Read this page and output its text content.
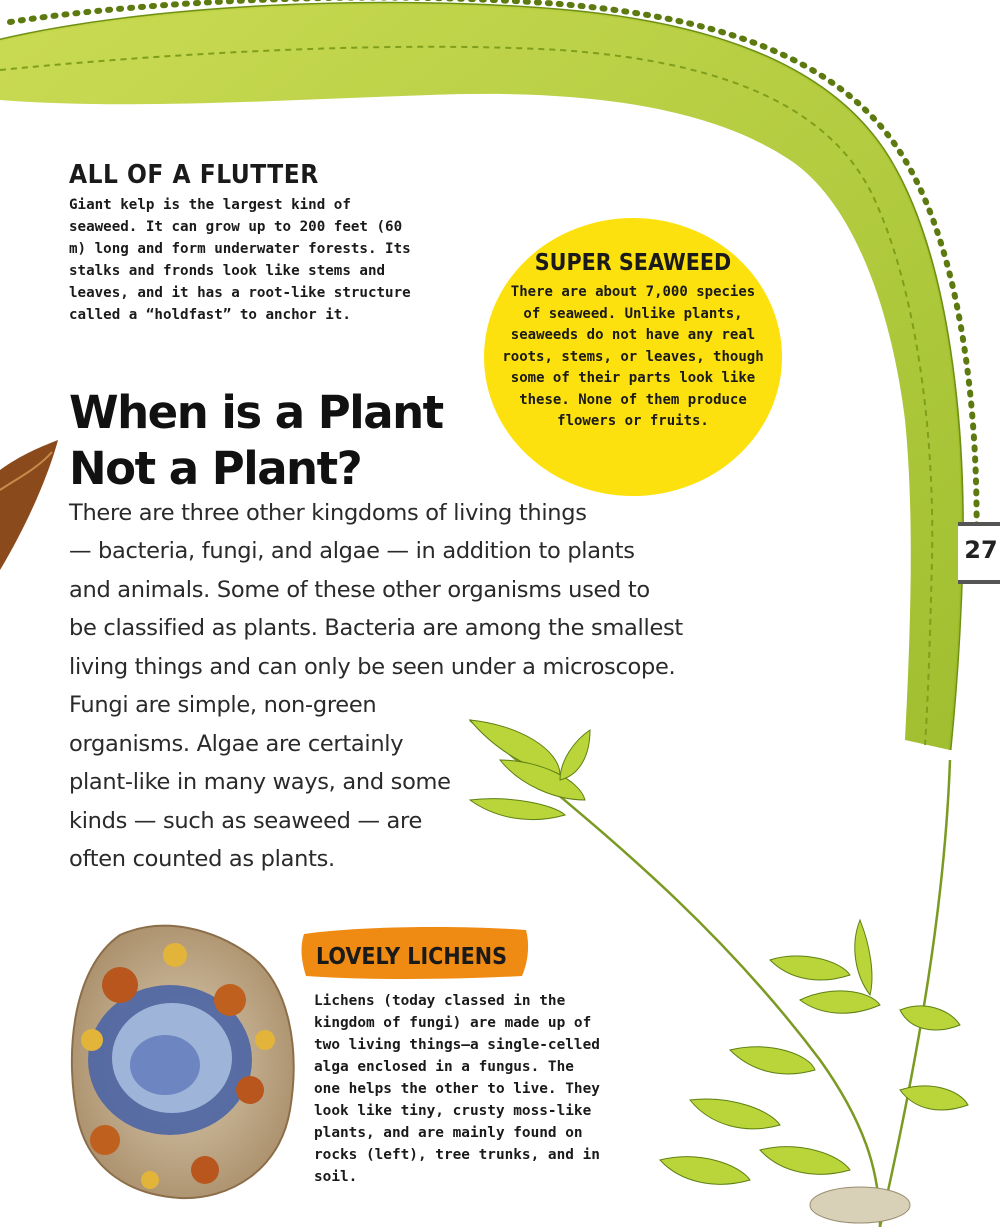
ALL OF A FLUTTER
Giant kelp is the largest kind of seaweed. It can grow up to 200 feet (60 m) long and form underwater forests. Its stalks and fronds look like stems and leaves, and it has a root-like structure called a “holdfast” to anchor it.
SUPER SEAWEED
There are about 7,000 species of seaweed. Unlike plants, seaweeds do not have any real roots, stems, or leaves, though some of their parts look like these. None of them produce flowers or fruits.
When is a Plant Not a Plant?
There are three other kingdoms of living things
— bacteria, fungi, and algae — in addition to plants
and animals. Some of these other organisms used to
be classified as plants. Bacteria are among the smallest
living things and can only be seen under a microscope.
Fungi are simple, non-green
organisms. Algae are certainly
plant-like in many ways, and some
kinds — such as seaweed — are
often counted as plants.
27
LOVELY LICHENS
Lichens (today classed in the kingdom of fungi) are made up of two living things—a single-celled alga enclosed in a fungus. The one helps the other to live. They look like tiny, crusty moss-like plants, and are mainly found on rocks (left), tree trunks, and in soil.
